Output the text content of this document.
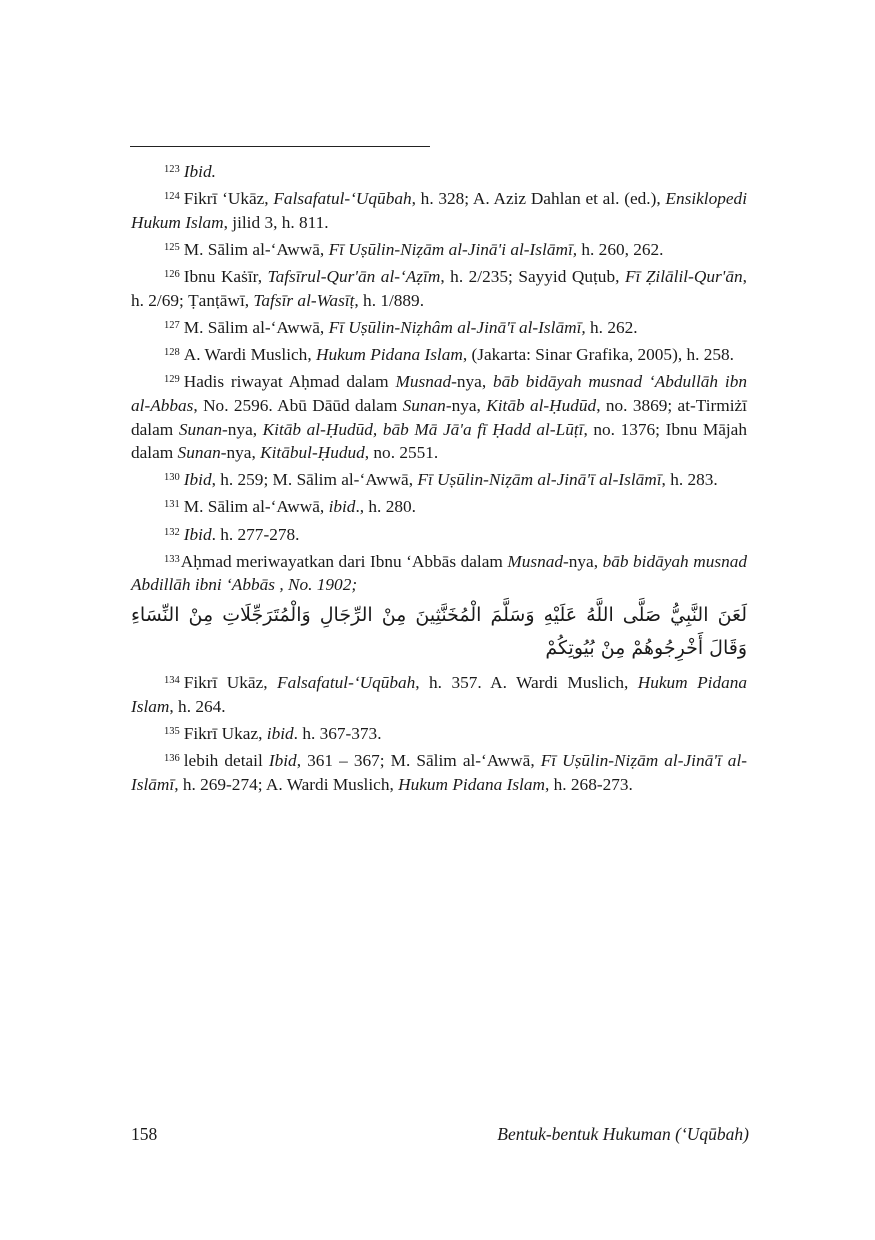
$^{123}$ Ibid.

$^{124}$ Fikrī ‘Ukāz, Falsafatul-‘Uqūbah, h. 328; A. Aziz Dahlan et al. (ed.), Ensiklopedi Hukum Islam, jilid 3, h. 811.

$^{125}$ M. Sālim al-‘Awwā, Fī Uṣūlin-Niẓām al-Jinā'i al-Islāmī, h. 260, 262.

$^{126}$ Ibnu Kaṡīr, Tafsīrul-Qur'ān al-‘Aẓīm, h. 2/235; Sayyid Quṭub, Fī Ẓilālil-Qur'ān, h. 2/69; Ṭanṭāwī, Tafsīr al-Wasīṭ, h. 1/889.

$^{127}$ M. Sālim al-‘Awwā, Fī Uṣūlin-Niẓhâm al-Jinā'ī al-Islāmī, h. 262.

$^{128}$ A. Wardi Muslich, Hukum Pidana Islam, (Jakarta: Sinar Grafika, 2005), h. 258.

$^{129}$ Hadis riwayat Aḥmad dalam Musnad-nya, bāb bidāyah musnad ‘Abdullāh ibn al-Abbas, No. 2596. Abū Dāūd dalam Sunan-nya, Kitāb al-Ḥudūd, no. 3869; at-Tirmiżī dalam Sunan-nya, Kitāb al-Ḥudūd, bāb Mā Jā'a fī Ḥadd al-Lūṭī, no. 1376; Ibnu Mājah dalam Sunan-nya, Kitābul-Ḥudud, no. 2551.

$^{130}$ Ibid, h. 259; M. Sālim al-‘Awwā, Fī Uṣūlin-Niẓām al-Jinā'ī al-Islāmī, h. 283.

$^{131}$ M. Sālim al-‘Awwā, ibid., h. 280.

$^{132}$ Ibid. h. 277-278.

$^{133}$Aḥmad meriwayatkan dari Ibnu ‘Abbās dalam Musnad-nya, bāb bidāyah musnad Abdillāh ibni ‘Abbās , No. 1902;

لَعَنَ النَّبِيُّ صَلَّى اللَّهُ عَلَيْهِ وَسَلَّمَ الْمُخَنَّثِينَ مِنْ الرِّجَالِ وَالْمُتَرَجِّلَاتِ مِنْ النِّسَاءِ وَقَالَ أَخْرِجُوهُمْ مِنْ بُيُوتِكُمْ

$^{134}$ Fikrī Ukāz, Falsafatul-‘Uqūbah, h. 357. A. Wardi Muslich, Hukum Pidana Islam, h. 264.

$^{135}$ Fikrī Ukaz, ibid. h. 367-373.

$^{136}$ lebih detail Ibid, 361 – 367; M. Sālim al-‘Awwā, Fī Uṣūlin-Niẓām al-Jinā'ī al-Islāmī, h. 269-274; A. Wardi Muslich, Hukum Pidana Islam, h. 268-273.

158	Bentuk-bentuk Hukuman (‘Uqūbah)
